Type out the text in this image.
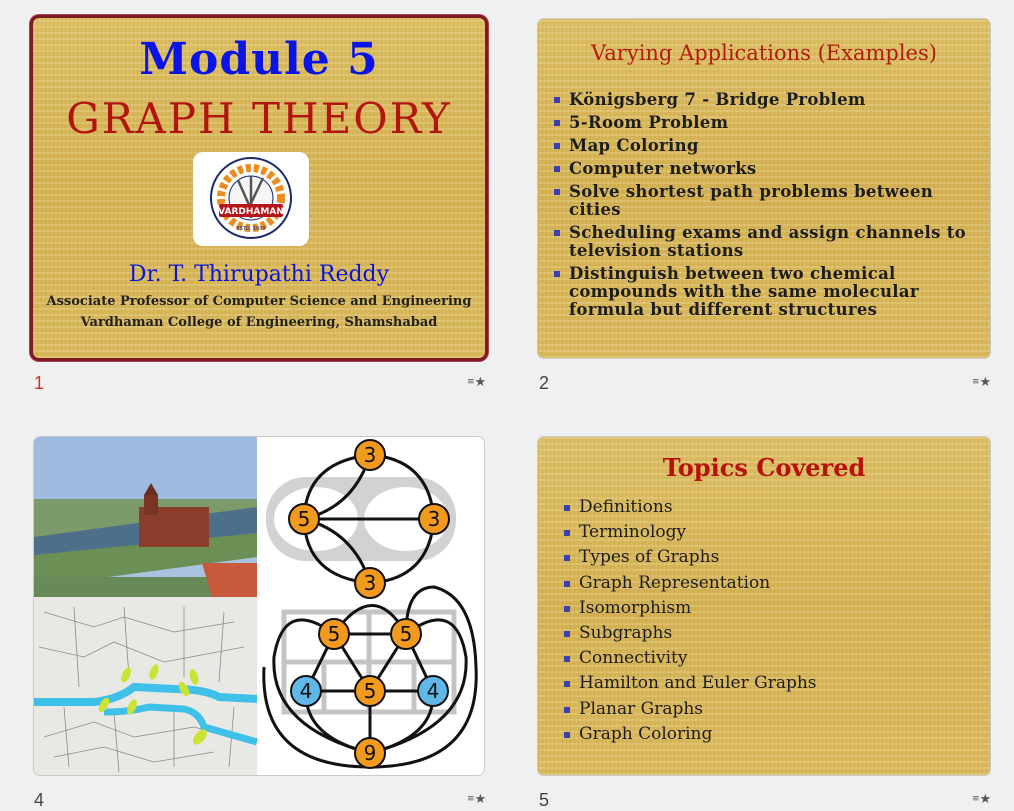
Module 5
GRAPH THEORY
VARDHAMAN
ESTD. 1999
Dr. T. Thirupathi Reddy
Associate Professor of Computer Science and Engineering
Vardhaman College of Engineering, Shamshabad
1	≡★
Varying Applications (Examples)
Königsberg 7 - Bridge Problem
5-Room Problem
Map Coloring
Computer networks
Solve shortest path problems between cities
Scheduling exams and assign channels to television stations
Distinguish between two chemical compounds with the same molecular formula but different structures
2	≡★
3
5	3
3
5	5
4	5	4
9
4	≡★
Topics Covered
Definitions
Terminology
Types of Graphs
Graph Representation
Isomorphism
Subgraphs
Connectivity
Hamilton and Euler Graphs
Planar Graphs
Graph Coloring
5	≡★
